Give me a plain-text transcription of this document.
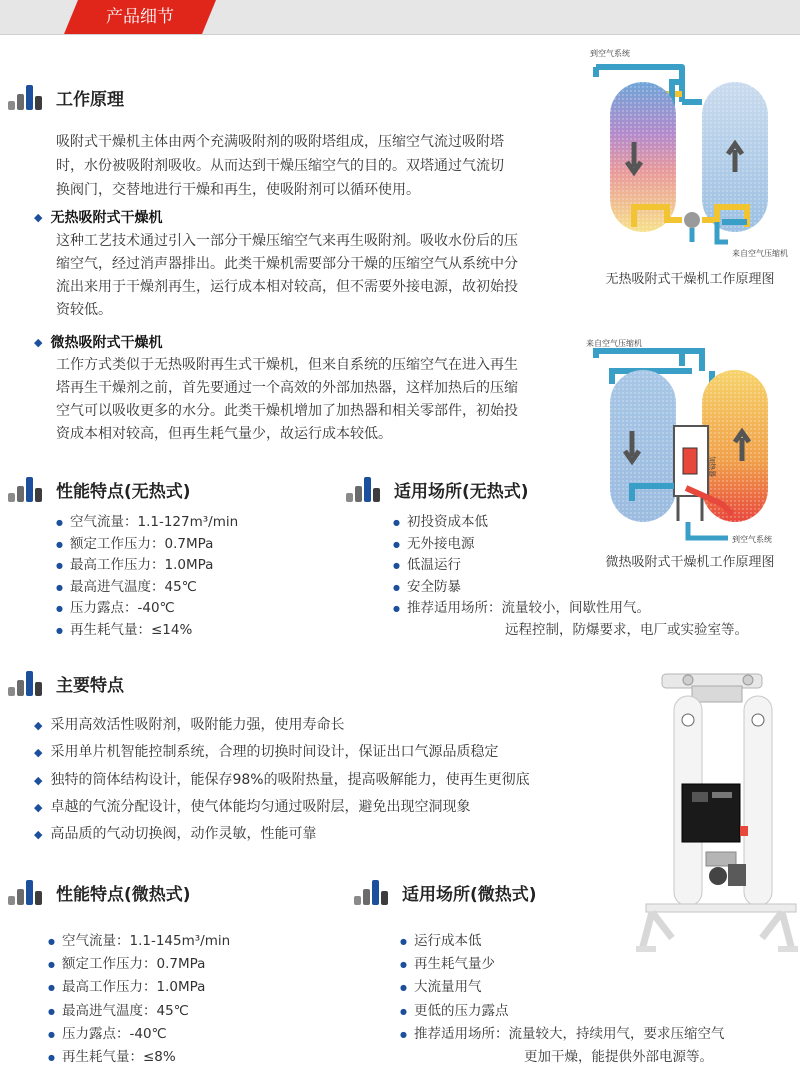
产品细节
工作原理
吸附式干燥机主体由两个充满吸附剂的吸附塔组成，压缩空气流过吸附塔
时，水份被吸附剂吸收。从而达到干燥压缩空气的目的。双塔通过气流切
换阀门，交替地进行干燥和再生，使吸附剂可以循环使用。
◆ 无热吸附式干燥机
这种工艺技术通过引入一部分干燥压缩空气来再生吸附剂。吸收水份后的压
缩空气，经过消声器排出。此类干燥机需要部分干燥的压缩空气从系统中分
流出来用于干燥剂再生，运行成本相对较高，但不需要外接电源，故初始投
资较低。
◆ 微热吸附式干燥机
工作方式类似于无热吸附再生式干燥机，但来自系统的压缩空气在进入再生
塔再生干燥剂之前，首先要通过一个高效的外部加热器，这样加热后的压缩
空气可以吸收更多的水分。此类干燥机增加了加热器和相关零部件，初始投
资成本相对较高，但再生耗气量少，故运行成本较低。
到空气系统
来自空气压缩机
无热吸附式干燥机工作原理图
加热器
来自空气压缩机
到空气系统
微热吸附式干燥机工作原理图
性能特点(无热式)
● 空气流量：1.1-127m³/min
● 额定工作压力：0.7MPa
● 最高工作压力：1.0MPa
● 最高进气温度：45℃
● 压力露点：-40℃
● 再生耗气量：≤14%
适用场所(无热式)
● 初投资成本低
● 无外接电源
● 低温运行
● 安全防暴
● 推荐适用场所：流量较小，间歇性用气。
远程控制，防爆要求，电厂或实验室等。
主要特点
◆ 采用高效活性吸附剂，吸附能力强，使用寿命长
◆ 采用单片机智能控制系统，合理的切换时间设计，保证出口气源品质稳定
◆ 独特的筒体结构设计，能保存98%的吸附热量，提高吸解能力，使再生更彻底
◆ 卓越的气流分配设计，使气体能均匀通过吸附层，避免出现空洞现象
◆ 高品质的气动切换阀，动作灵敏，性能可靠
性能特点(微热式)
● 空气流量：1.1-145m³/min
● 额定工作压力：0.7MPa
● 最高工作压力：1.0MPa
● 最高进气温度：45℃
● 压力露点：-40℃
● 再生耗气量：≤8%
适用场所(微热式)
● 运行成本低
● 再生耗气量少
● 大流量用气
● 更低的压力露点
● 推荐适用场所：流量较大，持续用气，要求压缩空气
更加干燥，能提供外部电源等。
